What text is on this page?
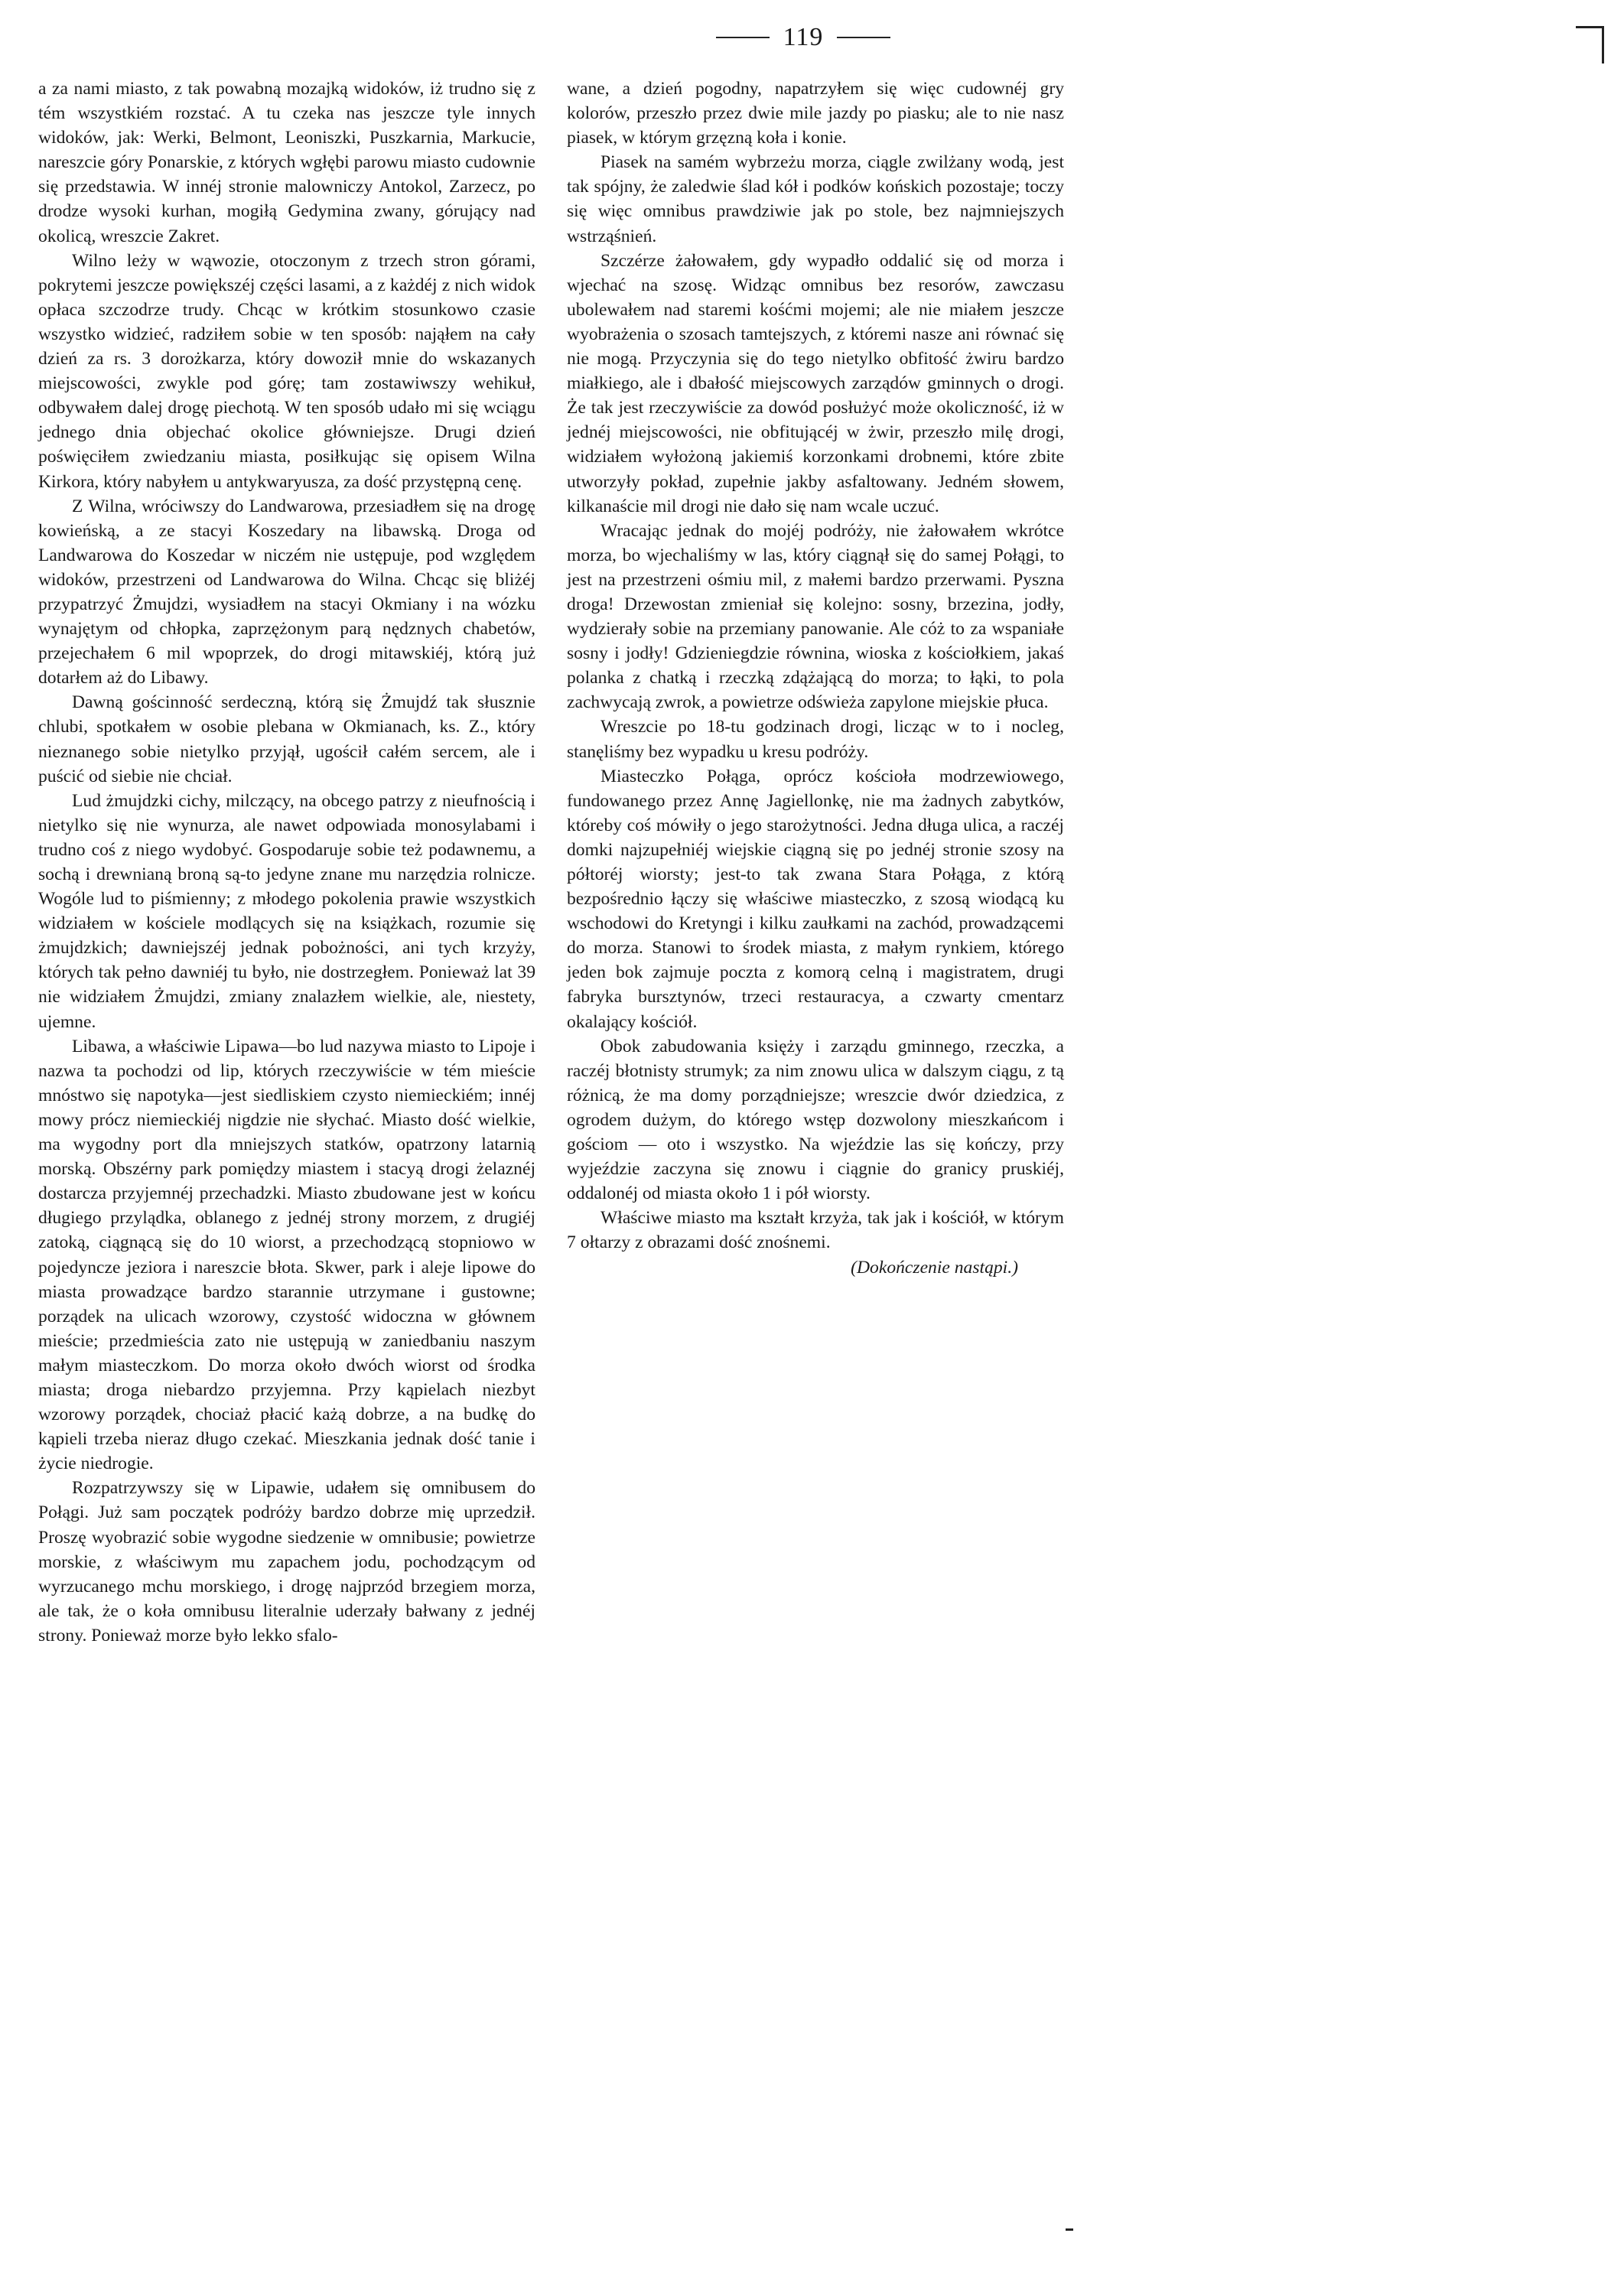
119

a za nami miasto, z tak powabną mozajką widoków, iż trudno się z tém wszystkiém rozstać. A tu czeka nas jeszcze tyle innych widoków, jak: Werki, Belmont, Leoniszki, Puszkarnia, Markucie, nareszcie góry Ponarskie, z których wgłębi parowu miasto cudownie się przedstawia. W innéj stronie malowniczy Antokol, Zarzecz, po drodze wysoki kurhan, mogiłą Gedymina zwany, górujący nad okolicą, wreszcie Zakret.

Wilno leży w wąwozie, otoczonym z trzech stron górami, pokrytemi jeszcze powiększéj części lasami, a z każdéj z nich widok opłaca szczodrze trudy. Chcąc w krótkim stosunkowo czasie wszystko widzieć, radziłem sobie w ten sposób: nająłem na cały dzień za rs. 3 dorożkarza, który dowoził mnie do wskazanych miejscowości, zwykle pod górę; tam zostawiwszy wehikuł, odbywałem dalej drogę piechotą. W ten sposób udało mi się wciągu jednego dnia objechać okolice główniejsze. Drugi dzień poświęciłem zwiedzaniu miasta, posiłkując się opisem Wilna Kirkora, który nabyłem u antykwaryusza, za dość przystępną cenę.

Z Wilna, wróciwszy do Landwarowa, przesiadłem się na drogę kowieńską, a ze stacyi Koszedary na libawską. Droga od Landwarowa do Koszedar w niczém nie ustępuje, pod względem widoków, przestrzeni od Landwarowa do Wilna. Chcąc się bliżéj przypatrzyć Żmujdzi, wysiadłem na stacyi Okmiany i na wózku wynajętym od chłopka, zaprzężonym parą nędznych chabetów, przejechałem 6 mil wpoprzek, do drogi mitawskiéj, którą już dotarłem aż do Libawy.

Dawną gościnność serdeczną, którą się Żmujdź tak słusznie chlubi, spotkałem w osobie plebana w Okmianach, ks. Z., który nieznanego sobie nietylko przyjął, ugościł całém sercem, ale i puścić od siebie nie chciał.

Lud żmujdzki cichy, milczący, na obcego patrzy z nieufnością i nietylko się nie wynurza, ale nawet odpowiada monosylabami i trudno coś z niego wydobyć. Gospodaruje sobie też podawnemu, a sochą i drewnianą broną są-to jedyne znane mu narzędzia rolnicze. Wogóle lud to piśmienny; z młodego pokolenia prawie wszystkich widziałem w kościele modlących się na książkach, rozumie się żmujdzkich; dawniejszéj jednak pobożności, ani tych krzyży, których tak pełno dawniéj tu było, nie dostrzegłem. Ponieważ lat 39 nie widziałem Żmujdzi, zmiany znalazłem wielkie, ale, niestety, ujemne.

Libawa, a właściwie Lipawa—bo lud nazywa miasto to Lipoje i nazwa ta pochodzi od lip, których rzeczywiście w tém mieście mnóstwo się napotyka—jest siedliskiem czysto niemieckiém; innéj mowy prócz niemieckiéj nigdzie nie słychać. Miasto dość wielkie, ma wygodny port dla mniejszych statków, opatrzony latarnią morską. Obszérny park pomiędzy miastem i stacyą drogi żelaznéj dostarcza przyjemnéj przechadzki. Miasto zbudowane jest w końcu długiego przylądka, oblanego z jednéj strony morzem, z drugiéj zatoką, ciągnącą się do 10 wiorst, a przechodzącą stopniowo w pojedyncze jeziora i nareszcie błota. Skwer, park i aleje lipowe do miasta prowadzące bardzo starannie utrzymane i gustowne; porządek na ulicach wzorowy, czystość widoczna w głównem mieście; przedmieścia zato nie ustępują w zaniedbaniu naszym małym miasteczkom. Do morza około dwóch wiorst od środka miasta; droga niebardzo przyjemna. Przy kąpielach niezbyt wzorowy porządek, chociaż płacić każą dobrze, a na budkę do kąpieli trzeba nieraz długo czekać. Mieszkania jednak dość tanie i życie niedrogie.

Rozpatrzywszy się w Lipawie, udałem się omnibusem do Połągi. Już sam początek podróży bardzo dobrze mię uprzedził. Proszę wyobrazić sobie wygodne siedzenie w omnibusie; powietrze morskie, z właściwym mu zapachem jodu, pochodzącym od wyrzucanego mchu morskiego, i drogę najprzód brzegiem morza, ale tak, że o koła omnibusu literalnie uderzały bałwany z jednéj strony. Ponieważ morze było lekko sfalo-

wane, a dzień pogodny, napatrzyłem się więc cudownéj gry kolorów, przeszło przez dwie mile jazdy po piasku; ale to nie nasz piasek, w którym grzęzną koła i konie.

Piasek na samém wybrzeżu morza, ciągle zwilżany wodą, jest tak spójny, że zaledwie ślad kół i podków końskich pozostaje; toczy się więc omnibus prawdziwie jak po stole, bez najmniejszych wstrząśnień.

Szczérze żałowałem, gdy wypadło oddalić się od morza i wjechać na szosę. Widząc omnibus bez resorów, zawczasu ubolewałem nad staremi kośćmi mojemi; ale nie miałem jeszcze wyobrażenia o szosach tamtejszych, z któremi nasze ani równać się nie mogą. Przyczynia się do tego nietylko obfitość żwiru bardzo miałkiego, ale i dbałość miejscowych zarządów gminnych o drogi. Że tak jest rzeczywiście za dowód posłużyć może okoliczność, iż w jednéj miejscowości, nie obfitującéj w żwir, przeszło milę drogi, widziałem wyłożoną jakiemiś korzonkami drobnemi, które zbite utworzyły pokład, zupełnie jakby asfaltowany. Jedném słowem, kilkanaście mil drogi nie dało się nam wcale uczuć.

Wracając jednak do mojéj podróży, nie żałowałem wkrótce morza, bo wjechaliśmy w las, który ciągnął się do samej Połągi, to jest na przestrzeni ośmiu mil, z małemi bardzo przerwami. Pyszna droga! Drzewostan zmieniał się kolejno: sosny, brzezina, jodły, wydzierały sobie na przemiany panowanie. Ale cóż to za wspaniałe sosny i jodły! Gdzieniegdzie równina, wioska z kościołkiem, jakaś polanka z chatką i rzeczką zdążającą do morza; to łąki, to pola zachwycają zwrok, a powietrze odświeża zapylone miejskie płuca.

Wreszcie po 18-tu godzinach drogi, licząc w to i nocleg, stanęliśmy bez wypadku u kresu podróży.

Miasteczko Połąga, oprócz kościoła modrzewiowego, fundowanego przez Annę Jagiellonkę, nie ma żadnych zabytków, któreby coś mówiły o jego starożytności. Jedna długa ulica, a raczéj domki najzupełniéj wiejskie ciągną się po jednéj stronie szosy na półtoréj wiorsty; jest-to tak zwana Stara Połąga, z którą bezpośrednio łączy się właściwe miasteczko, z szosą wiodącą ku wschodowi do Kretyngi i kilku zaułkami na zachód, prowadzącemi do morza. Stanowi to środek miasta, z małym rynkiem, którego jeden bok zajmuje poczta z komorą celną i magistratem, drugi fabryka bursztynów, trzeci restauracya, a czwarty cmentarz okalający kościół.

Obok zabudowania księży i zarządu gminnego, rzeczka, a raczéj błotnisty strumyk; za nim znowu ulica w dalszym ciągu, z tą różnicą, że ma domy porządniejsze; wreszcie dwór dziedzica, z ogrodem dużym, do którego wstęp dozwolony mieszkańcom i gościom — oto i wszystko. Na wjeździe las się kończy, przy wyjeździe zaczyna się znowu i ciągnie do granicy pruskiéj, oddalonéj od miasta około 1 i pół wiorsty.

Właściwe miasto ma kształt krzyża, tak jak i kościół, w którym 7 ołtarzy z obrazami dość znośnemi.

(Dokończenie nastąpi.)
